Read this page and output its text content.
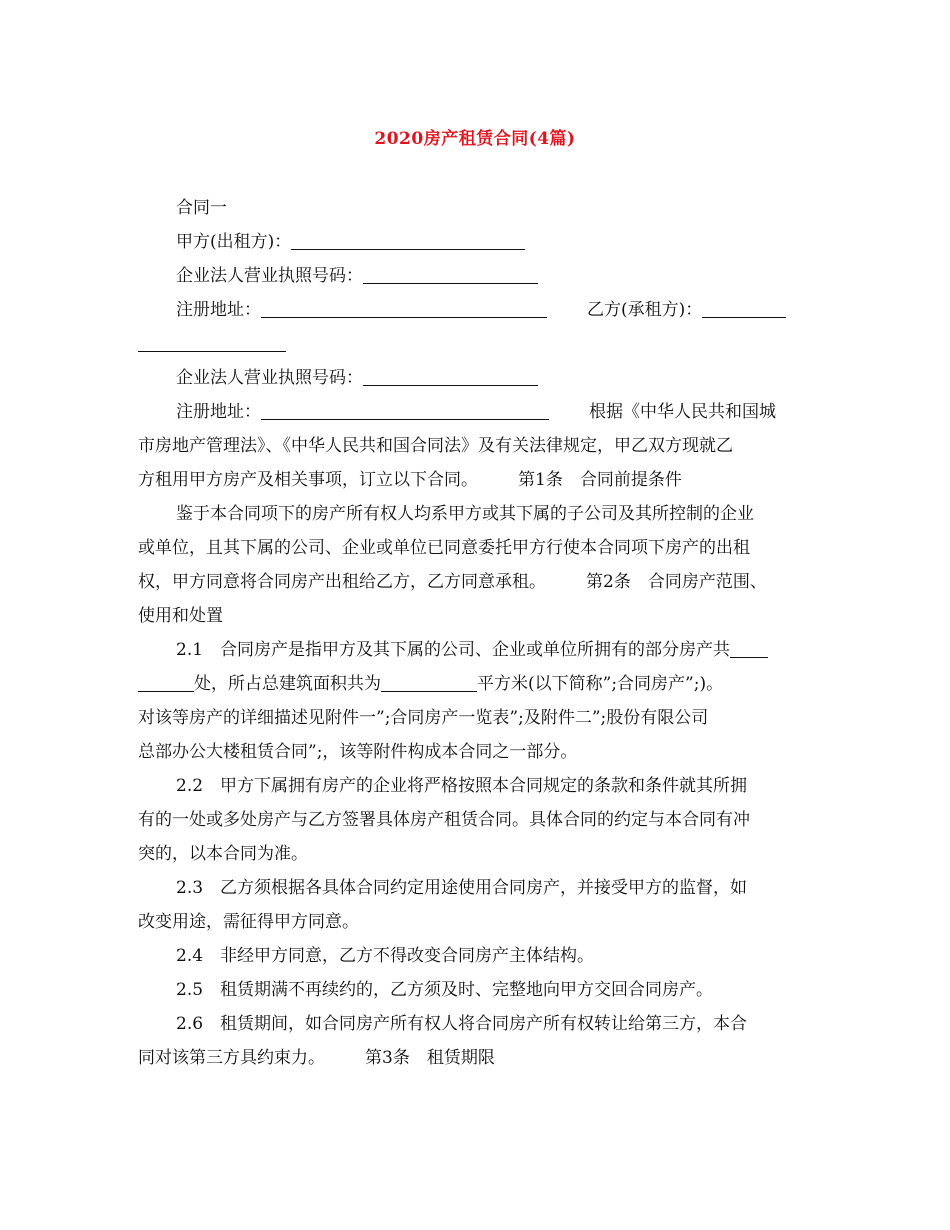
2020房产租赁合同(4篇)
合同一
甲方(出租方)：
企业法人营业执照号码：
注册地址：	乙方(承租方)：
企业法人营业执照号码：
注册地址：	根据《中华人民共和国城
市房地产管理法》、《中华人民共和国合同法》及有关法律规定，甲乙双方现就乙
方租用甲方房产及相关事项，订立以下合同。 第1条　合同前提条件
鉴于本合同项下的房产所有权人均系甲方或其下属的子公司及其所控制的企业
或单位，且其下属的公司、企业或单位已同意委托甲方行使本合同项下房产的出租
权，甲方同意将合同房产出租给乙方，乙方同意承租。 第2条　合同房产范围、
使用和处置
2.1　合同房产是指甲方及其下属的公司、企业或单位所拥有的部分房产共
处，所占总建筑面积共为	平方米(以下简称”;合同房产”;)。
对该等房产的详细描述见附件一”;合同房产一览表”;及附件二”;股份有限公司
总部办公大楼租赁合同”;，该等附件构成本合同之一部分。
2.2　甲方下属拥有房产的企业将严格按照本合同规定的条款和条件就其所拥
有的一处或多处房产与乙方签署具体房产租赁合同。具体合同的约定与本合同有冲
突的，以本合同为准。
2.3　乙方须根据各具体合同约定用途使用合同房产，并接受甲方的监督，如
改变用途，需征得甲方同意。
2.4　非经甲方同意，乙方不得改变合同房产主体结构。
2.5　租赁期满不再续约的，乙方须及时、完整地向甲方交回合同房产。
2.6　租赁期间，如合同房产所有权人将合同房产所有权转让给第三方，本合
同对该第三方具约束力。 第3条　租赁期限
